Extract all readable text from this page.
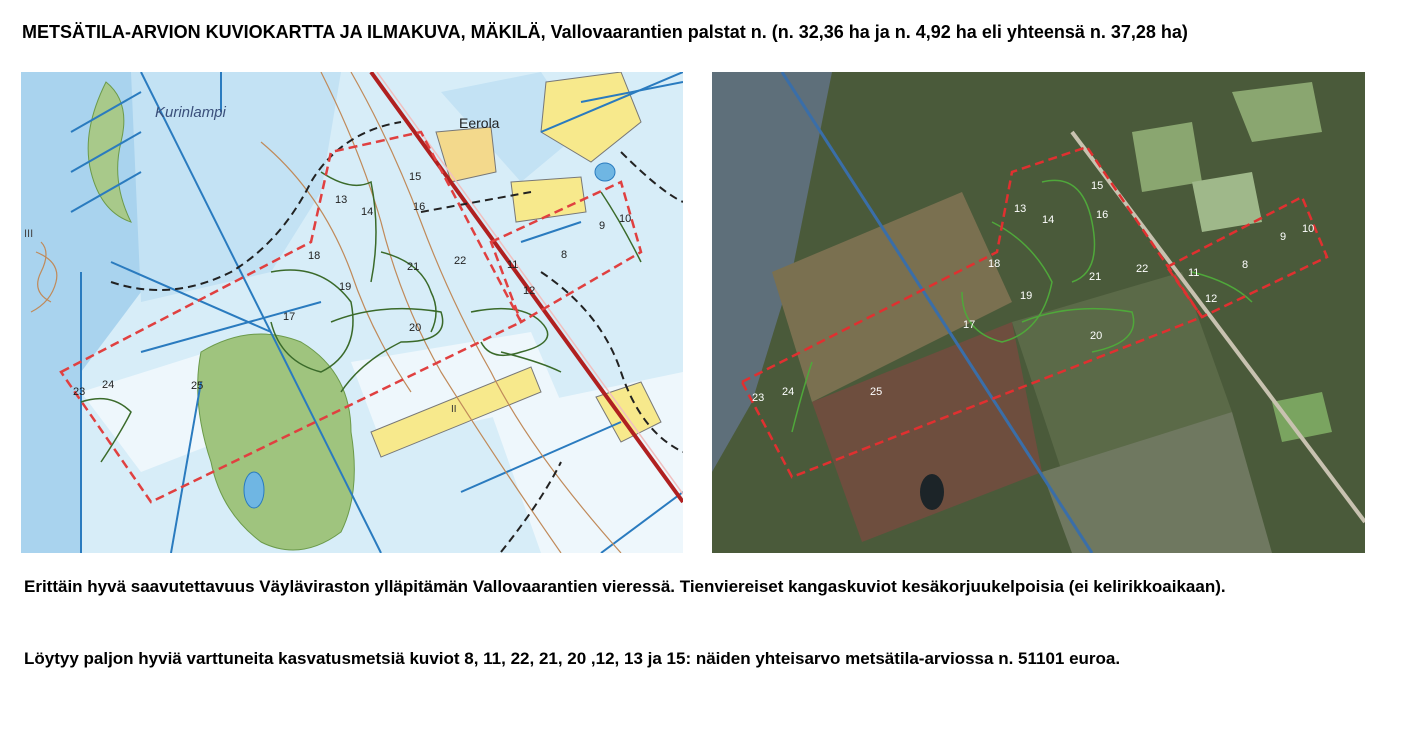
METSÄTILA-ARVION KUVIOKARTTA JA ILMAKUVA, MÄKILÄ, Vallovaarantien palstat n. (n. 32,36 ha ja n. 4,92 ha eli yhteensä n. 37,28 ha)
Kurinlampi
Eerola
III
II
8
9
10
11
12
13
14
15
16
17
18
19
20
21	22
23
24	25
8
9
10
11
12
13
14
15
16
17
18
19
20
21
22
23 24	25
Erittäin hyvä saavutettavuus Väyläviraston ylläpitämän Vallovaarantien vieressä. Tienviereiset kangaskuviot kesäkorjuukelpoisia (ei kelirikkoaikaan).
Löytyy paljon hyviä varttuneita kasvatusmetsiä kuviot 8, 11, 22, 21, 20 ,12, 13 ja 15: näiden yhteisarvo metsätila-arviossa n. 51101 euroa.
